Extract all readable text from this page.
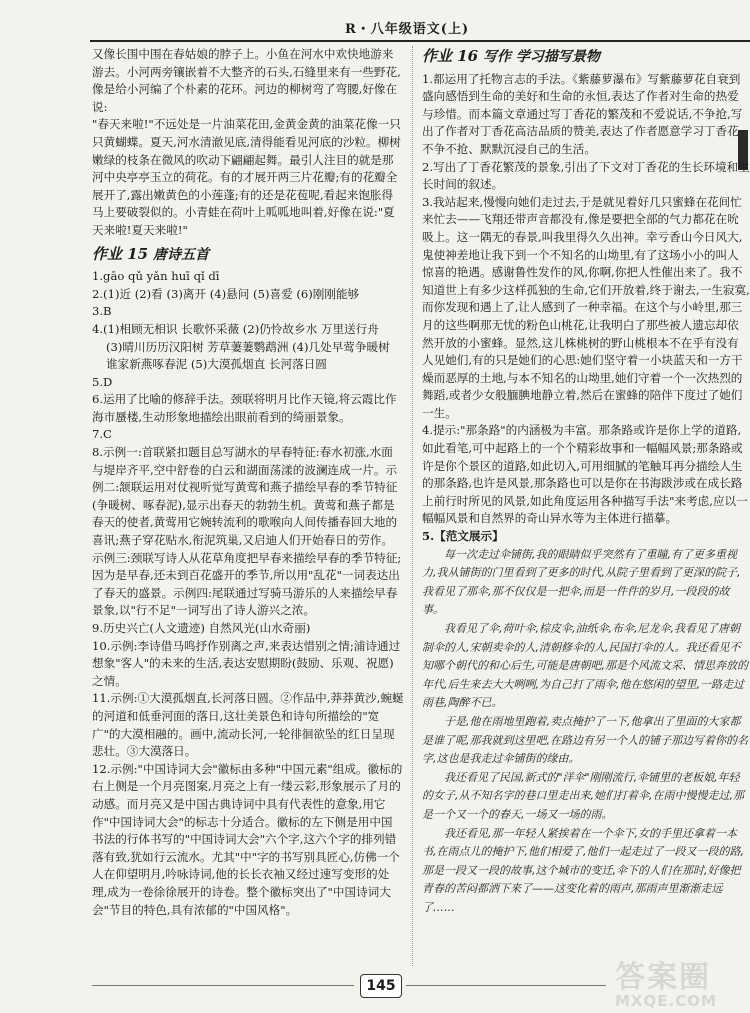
R・八年级语文(上)

又像长围中围在春姑娘的脖子上。小鱼在河水中欢快地游来游去。小河两旁镶嵌着不大整齐的石头,石缝里来有一些野花,像是给小河编了个朴素的花环。河边的柳树弯了弯腰,好像在说:

"春天来啦!"不远处是一片油菜花田,金黄金黄的油菜花像一只只黄蝴蝶。夏天,河水清澈见底,清得能看见河底的沙粒。柳树

嫩绿的枝条在微风的吹动下翩翩起舞。最引人注目的就是那河中央亭亭玉立的荷花。有的才展开两三片花瓣;有的花瓣全展开了,露出嫩黄色的小莲蓬;有的还是花苞呢,看起来饱胀得马上要破裂似的。小青蛙在荷叶上呱呱地叫着,好像在说:"夏天来啦!夏天来啦!"

作业 15 唐诗五首

1.gāo qǔ yǎn huī qǐ dī

2.(1)近 (2)看 (3)离开 (4)悬问 (5)喜爱 (6)刚刚能够

3.B

4.(1)相顾无相识 长歌怀采薇 (2)仍怜故乡水 万里送行舟

(3)晴川历历汉阳树 芳草萋萋鹦鹉洲 (4)几处早莺争暖树 谁家新燕啄春泥 (5)大漠孤烟直 长河落日圆

5.D

6.运用了比喻的修辞手法。颈联将明月比作天镜,将云霞比作海市蜃楼,生动形象地描绘出眼前看到的绮丽景象。

7.C

8.示例一:首联紧扣题目总写湖水的早春特征:春水初涨,水面与堤岸齐平,空中舒卷的白云和湖面荡漾的波澜连成一片。示例二:颔联运用对仗视听觉写黄莺和燕子描绘早春的季节特征(争暖树、啄春泥),显示出春天的勃勃生机。黄莺和燕子都是春天的使者,黄莺用它婉转流利的歌喉向人间传播春回大地的喜讯;燕子穿花贴水,衔泥筑巢,又启迪人们开始春日的劳作。示例三:颈联写诗人从花草角度把早春来描绘早春的季节特征;因为是早春,还未到百花盛开的季节,所以用"乱花"一词表达出了春天的盛景。示例四:尾联通过写骑马游乐的人来描绘早春景象,以"行不足"一词写出了诗人游兴之浓。

9.历史兴亡(人文遗迹) 自然风光(山水奇丽)

10.示例:李诗借马鸣抒作别离之声,来表达惜别之情;浦诗通过想象"客人"的未来的生活,表达安慰期盼(鼓励、乐观、祝愿)之情。

11.示例:①大漠孤烟直,长河落日圆。②作品中,莽莽黄沙,蜿蜒的河道和低垂河面的落日,这壮美景色和诗句所描绘的"宽广"的大漠相融的。画中,流动长河,一轮徘徊欲坠的红日呈现悲壮。③大漠落日。

12.示例:"中国诗词大会"徽标由多种"中国元素"组成。徽标的右上侧是一个月亮图案,月亮之上有一缕云彩,形象展示了月的动感。而月亮又是中国古典诗词中具有代表性的意象,用它作"中国诗词大会"的标志十分适合。徽标的左下侧是用中国书法的行体书写的"中国诗词大会"六个字,这六个字的排列错落有致,犹如行云流水。尤其"中"字的书写别具匠心,仿佛一个人在仰望明月,吟咏诗词,他的长长衣袖又经过速写变形的处理,成为一卷徐徐展开的诗卷。整个徽标突出了"中国诗词大会"节目的特色,具有浓郁的"中国风格"。

作业 16 写作 学习描写景物

1.都运用了托物言志的手法。《紫藤萝瀑布》写紫藤萝花自衰到盛向感悟到生命的美好和生命的永恒,表达了作者对生命的热爱与珍惜。而本篇文章通过写丁香花的繁茂和不爱说话,不争抢,写出了作者对丁香花高洁品质的赞美,表达了作者愿意学习丁香花不争不抢、默默沉浸自己的生活。

2.写出了丁香花繁茂的景象,引出了下文对丁香花的生长环境和生长时间的叙述。

3.我站起来,慢慢向她们走过去,于是就见着好几只蜜蜂在花间忙来忙去——飞翔还带声音都没有,像是要把全部的气力都花在吮吸上。这一隅无的春景,叫我里得久久出神。幸亏香山今日风大,鬼使神差地让我下到一个不知名的山坳里,有了这场小小的叫人惊喜的艳遇。感谢鲁性发作的风,你啊,你把人性催出来了。我不知道世上有多少这样孤独的生命,它们开放着,终于谢去,一生寂寞,而你发现和遇上了,让人感到了一种幸福。在这个与小岭里,那三月的这些啊那无忧的粉色山桃花,让我明白了那些被人遗忘却依然开放的小蜜蜂。显然,这儿株桃树的野山桃根本不在乎有没有人见她们,有的只是她们的心思:她们坚守着一小块蓝天和一方干燥而恶厚的土地,与本不知名的山坳里,她们守着一个一次热烈的舞蹈,或者少女般腼腆地静立着,然后在蜜蜂的陪伴下度过了她们一生。

4.提示:"那条路"的内涵极为丰富。那条路或许是你上学的道路,如此看笔,可中起路上的一个个精彩故事和一幅幅风景;那条路或许是你个景区的道路,如此切入,可用细腻的笔触耳再分描绘人生的那条路,也许是风景,那条路也可以是你在书海跋涉或在成长路上前行时所见的风景,如此角度运用各种描写手法"来考虑,应以一幅幅风景和自然界的奇山异水等为主体进行描摹。

5.【范文展示】

每一次走过伞铺街,我的眼睛似乎突然有了重瞳,有了更多重视力,我从铺街的门里看到了更多的时代,从院子里看到了更深的院子,我看见了那伞,那不仅仅是一把伞,而是一件件的岁月,一段段的故事。

我看见了伞,荷叶伞,棕皮伞,油纸伞,布伞,尼龙伞,我看见了唐朝制伞的人,宋朝卖伞的人,清朝修伞的人,民国打伞的人。我还看见不知哪个朝代的和心后生,可能是唐朝吧,那是个风流文采、情思奔放的年代,后生来去大大咧咧,为自己打了雨伞,他在悠闲的望里,一路走过雨巷,陶醉不已。

于是,他在雨地里跑着,卖点掩护了一下,他拿出了里面的大家都是谁了呢,那我就到这里吧,在路边有另一个人的铺子那边写着你的名字,这也是我走过伞铺街的缘由。

我还看见了民国,新式的"洋伞"刚刚流行,伞铺里的老板娘,年轻的女子,从不知名字的巷口里走出来,她们打着伞,在雨中慢慢走过,那是一个又一个的春天,一场又一场的雨。

我还看见,那一年轻人紧挨着在一个伞下,女的手里还拿着一本书,在雨点儿的掩护下,他们相爱了,他们一起走过了一段又一段的路,那是一段又一段的故事,这个城市的变迁,伞下的人们在那时,好像把青春的苦闷都洒下来了——这变化着的雨声,那雨声里渐渐走远了……

145	答案圈
MXQE.COM
